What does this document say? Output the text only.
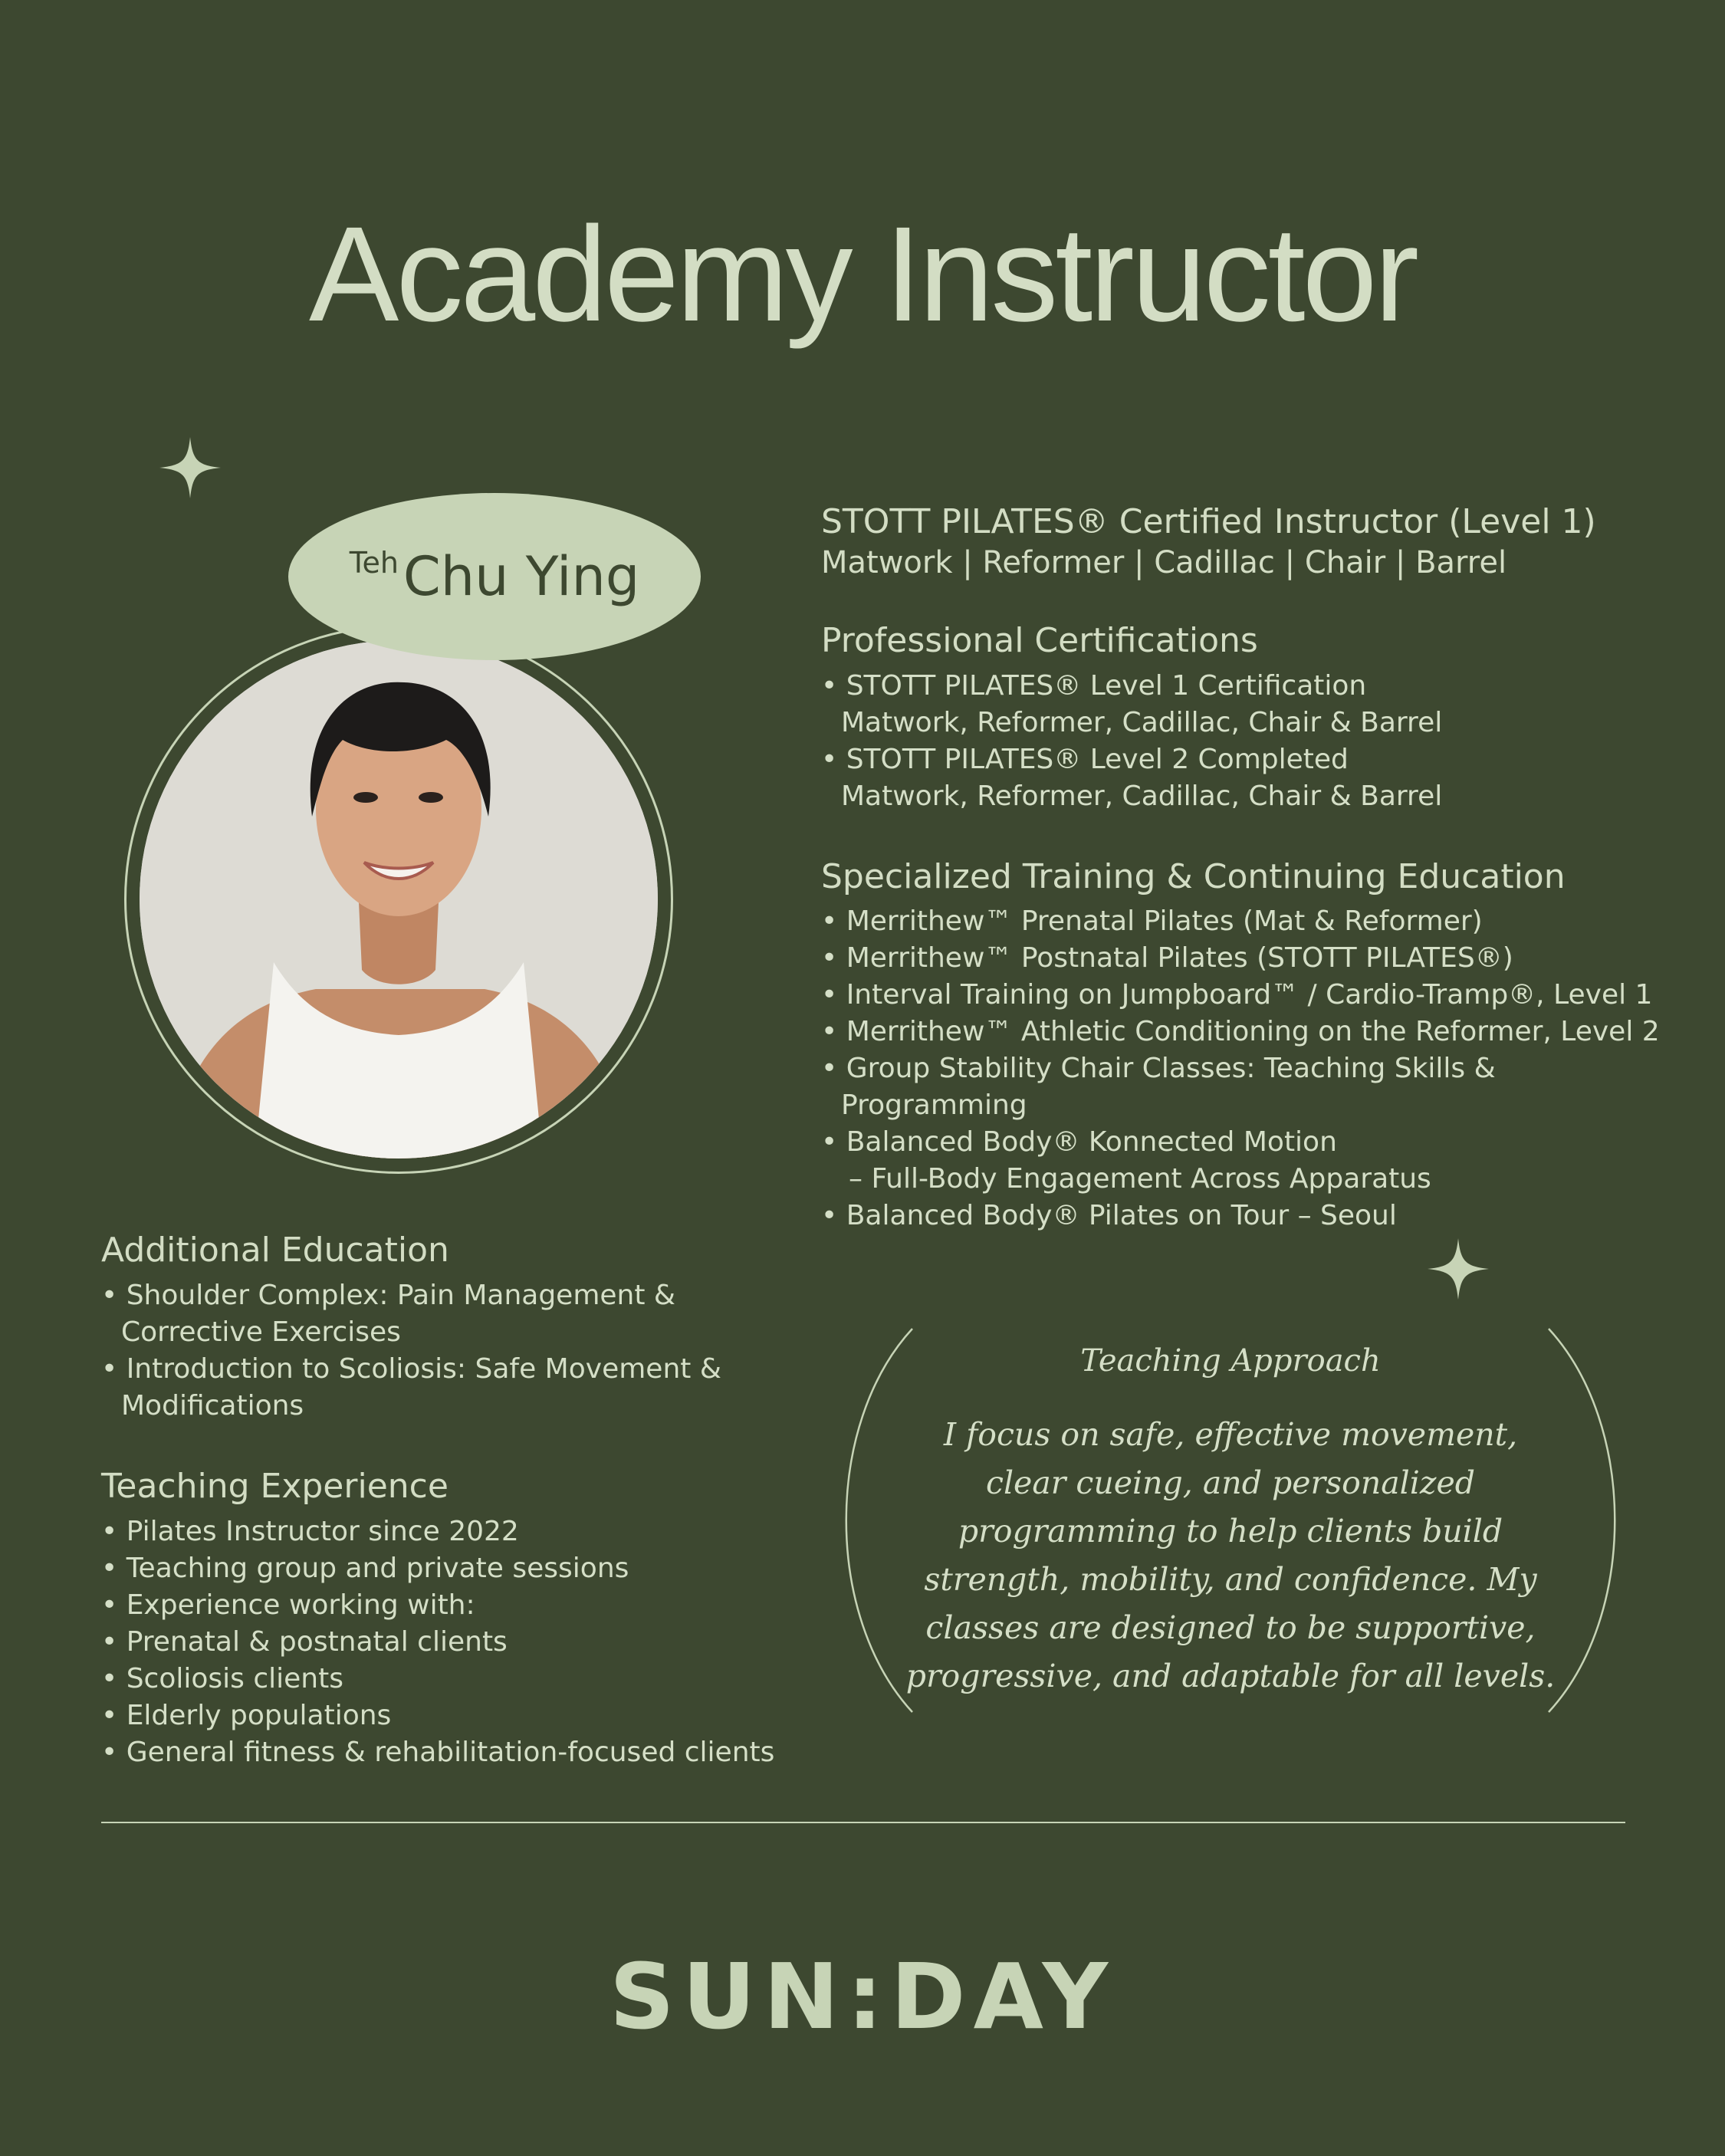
Academy Instructor
Teh Chu Ying
STOTT PILATES® Certified Instructor (Level 1)
Matwork | Reformer | Cadillac | Chair | Barrel
Professional Certifications
• STOTT PILATES® Level 1 Certification
Matwork, Reformer, Cadillac, Chair & Barrel
• STOTT PILATES® Level 2 Completed
Matwork, Reformer, Cadillac, Chair & Barrel
Specialized Training & Continuing Education
• Merrithew™ Prenatal Pilates (Mat & Reformer)
• Merrithew™ Postnatal Pilates (STOTT PILATES®)
• Interval Training on Jumpboard™ / Cardio-Tramp®, Level 1
• Merrithew™ Athletic Conditioning on the Reformer, Level 2
• Group Stability Chair Classes: Teaching Skills & Programming
• Balanced Body® Konnected Motion
– Full-Body Engagement Across Apparatus
• Balanced Body® Pilates on Tour – Seoul
Additional Education
• Shoulder Complex: Pain Management &
Corrective Exercises
• Introduction to Scoliosis: Safe Movement &
Modifications
Teaching Experience
• Pilates Instructor since 2022
• Teaching group and private sessions
• Experience working with:
• Prenatal & postnatal clients
• Scoliosis clients
• Elderly populations
• General fitness & rehabilitation-focused clients
Teaching Approach
I focus on safe, effective movement, clear cueing, and personalized programming to help clients build strength, mobility, and confidence. My classes are designed to be supportive, progressive, and adaptable for all levels.
SUN:DAY
